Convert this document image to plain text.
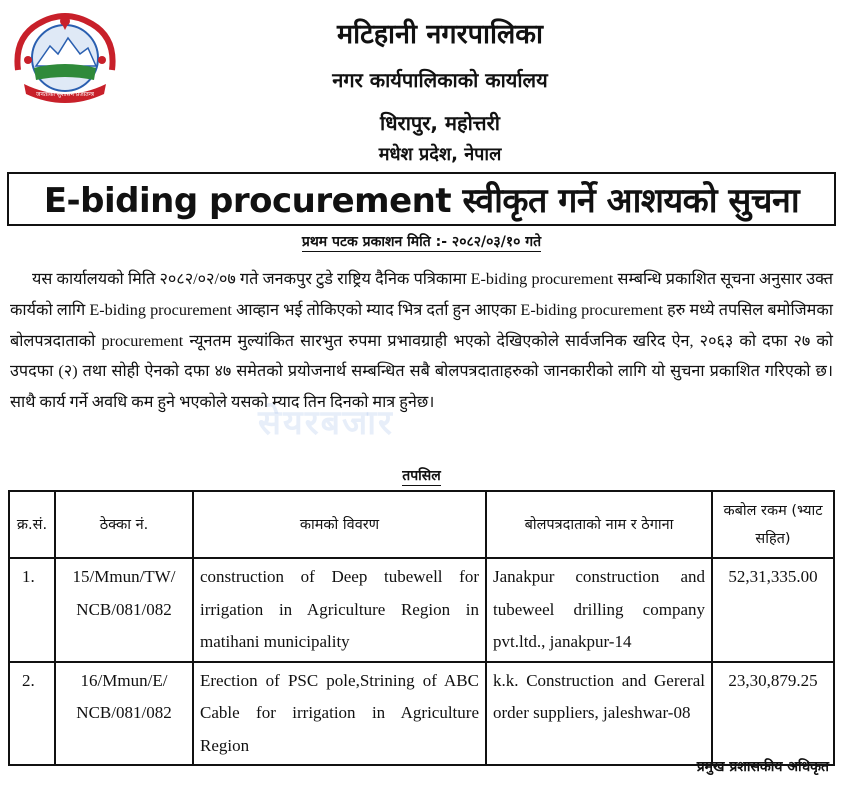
जनताको सुशासन प्रजातन्त्र
मटिहानी नगरपालिका
नगर कार्यपालिकाको कार्यालय
धिरापुर, महोत्तरी
मधेश प्रदेश, नेपाल
E-biding procurement स्वीकृत गर्ने आशयको सुचना
प्रथम पटक प्रकाशन मिति :- २०८२/०३/१० गते
यस कार्यालयको मिति २०८२/०२/०७ गते जनकपुर टुडे राष्ट्रिय दैनिक पत्रिकामा E-biding procurement सम्बन्धि प्रकाशित सूचना अनुसार उक्त कार्यको लागि E-biding procurement आव्हान भई तोकिएको म्याद भित्र दर्ता हुन आएका E-biding procurement हरु मध्ये तपसिल बमोजिमका बोलपत्रदाताको procurement न्यूनतम मुल्यांकित सारभुत रुपमा प्रभावग्राही भएको देखिएकोले सार्वजनिक खरिद ऐन, २०६३ को दफा २७ को उपदफा (२) तथा सोही ऐनको दफा ४७ समेतको प्रयोजनार्थ सम्बन्धित सबै बोलपत्रदाताहरुको जानकारीको लागि यो सुचना प्रकाशित गरिएको छ। साथै कार्य गर्ने अवधि कम हुने भएकोले यसको म्याद तिन दिनको मात्र हुनेछ।
सेयरबजार
तपसिल
क्र.सं.	ठेक्का नं.	कामको विवरण	बोलपत्रदाताको नाम र ठेगाना	कबोल रकम (भ्याट सहित)
1.	15/Mmun/TW/ NCB/081/082	construction of Deep tubewell for irrigation in Agriculture Region in matihani municipality	Janakpur construction and tubeweel drilling company pvt.ltd., janakpur-14	52,31,335.00
2.	16/Mmun/E/ NCB/081/082	Erection of PSC pole,Strining of ABC Cable for irrigation in Agriculture Region	k.k. Construction and Gereral order suppliers, jaleshwar-08	23,30,879.25
प्रमुख प्रशासकीय अधिकृत
